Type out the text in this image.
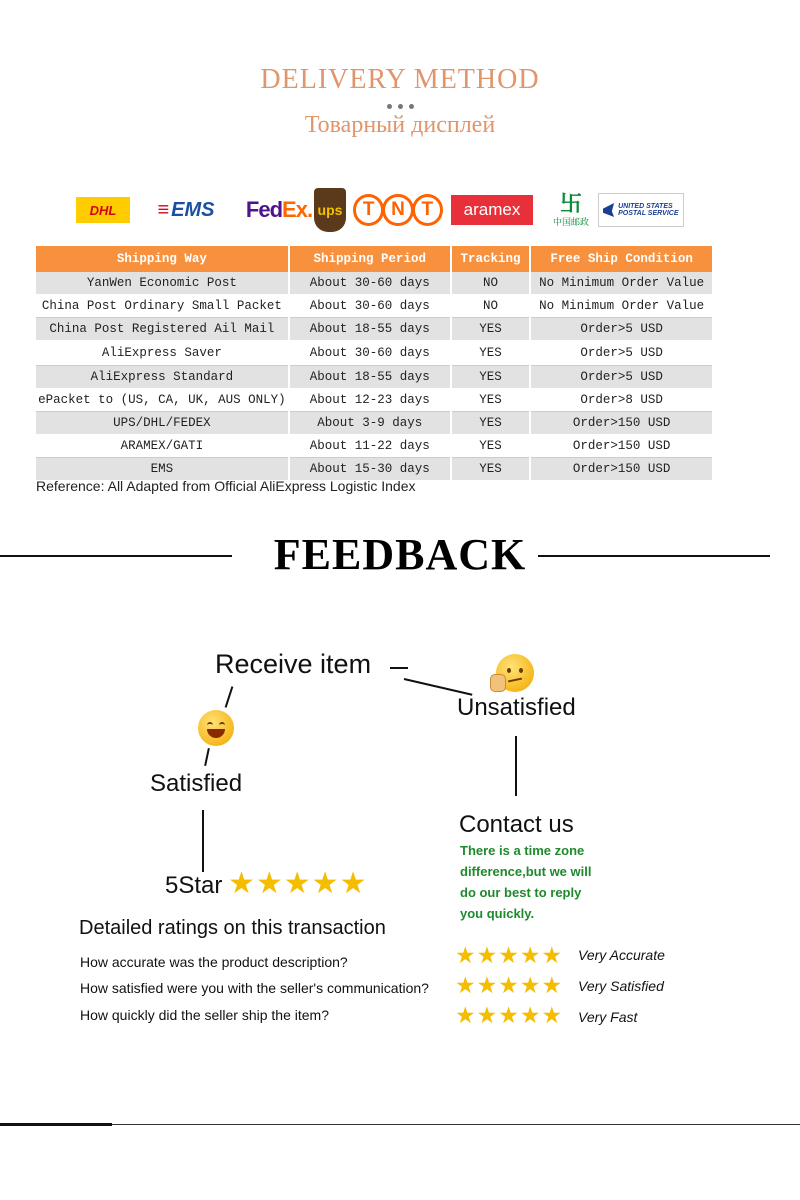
DELIVERY METHOD
Товарный дисплей
DHL	≡ EMS Fed Ex. ups	T N T	aramex	卐
中国邮政
UNITED STATES POSTAL SERVICE
Shipping Way	Shipping Period	Tracking	Free Ship Condition
YanWen Economic Post	About 30-60 days	NO	No Minimum Order Value
China Post Ordinary Small Packet	About 30-60 days	NO	No Minimum Order Value
China Post Registered Ail Mail	About 18-55 days	YES	Order>5 USD
AliExpress Saver	About 30-60 days	YES	Order>5 USD
AliExpress Standard	About 18-55 days	YES	Order>5 USD
ePacket to (US, CA, UK, AUS ONLY)	About 12-23 days	YES	Order>8 USD
UPS/DHL/FEDEX	About 3-9 days	YES	Order>150 USD
ARAMEX/GATI	About 11-22 days	YES	Order>150 USD
EMS	About 15-30 days	YES	Order>150 USD
Reference: All Adapted from Official AliExpress Logistic Index
FEEDBACK
Receive item
Satisfied
5Star ★★★★★
Unsatisfied
Contact us
There is a time zone
difference,but we will
do our best to reply
you quickly.
Detailed ratings on this transaction
How accurate was the product description?	★★★★★ Very Accurate
How satisfied were you with the seller's communication? ★★★★★ Very Satisfied
How quickly did the seller ship the item?	★★★★★ Very Fast
